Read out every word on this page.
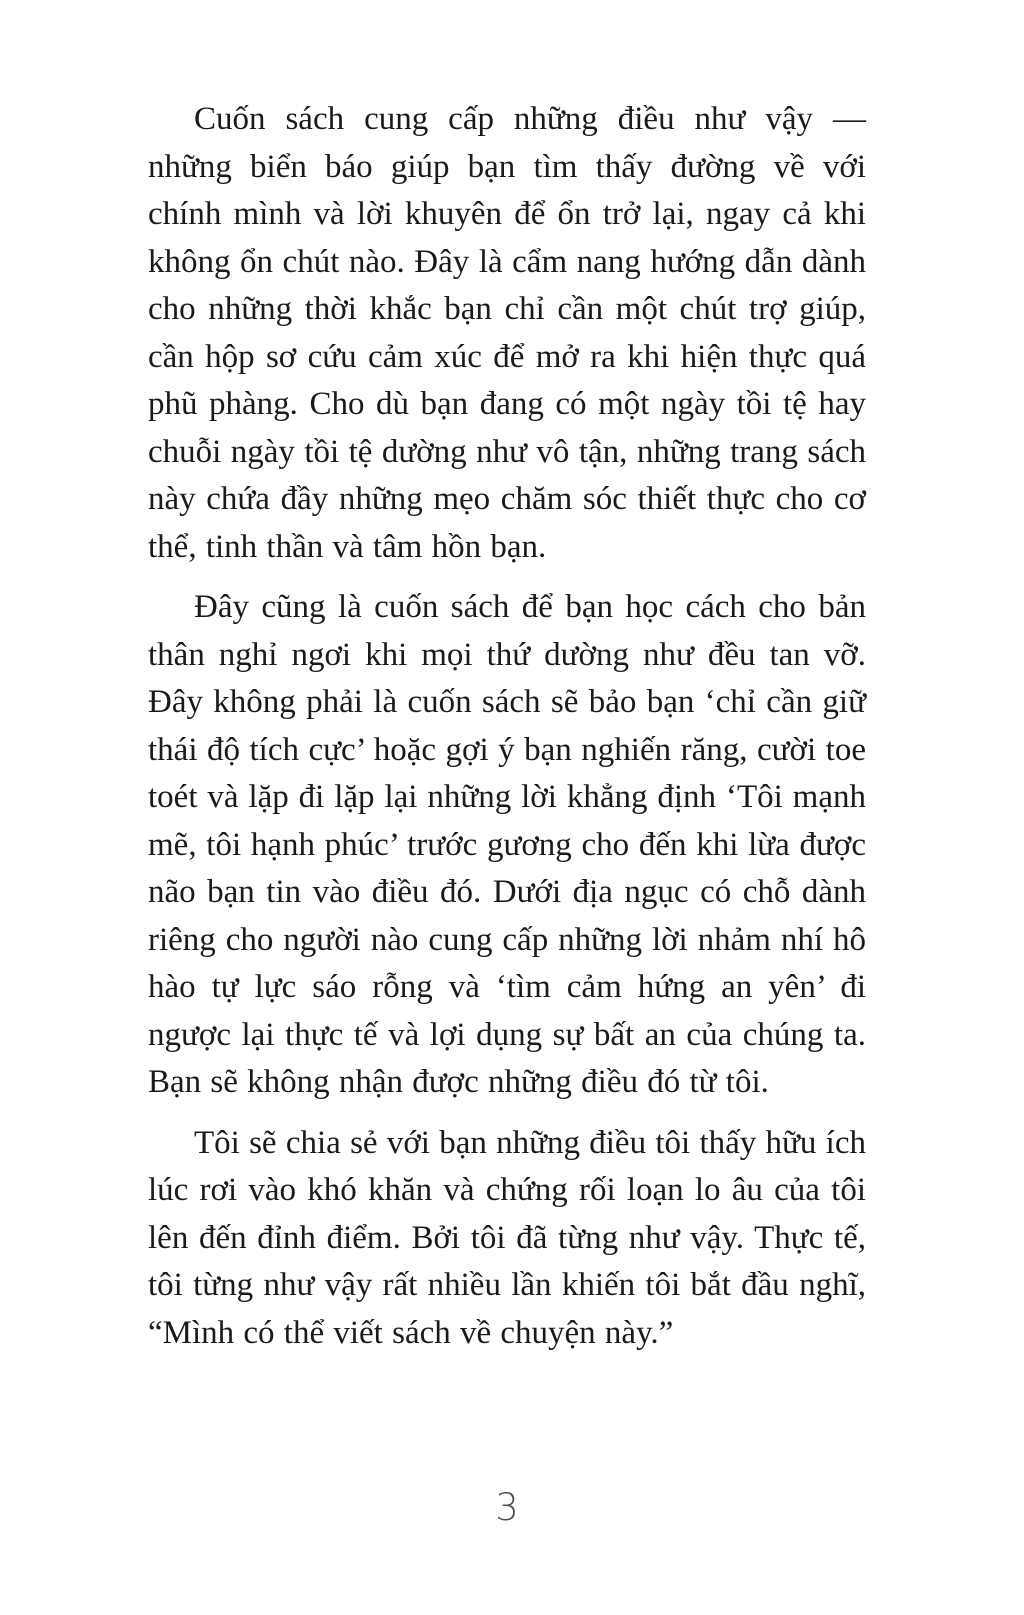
Cuốn sách cung cấp những điều như vậy — những biển báo giúp bạn tìm thấy đường về với chính mình và lời khuyên để ổn trở lại, ngay cả khi không ổn chút nào. Đây là cẩm nang hướng dẫn dành cho những thời khắc bạn chỉ cần một chút trợ giúp, cần hộp sơ cứu cảm xúc để mở ra khi hiện thực quá phũ phàng. Cho dù bạn đang có một ngày tồi tệ hay chuỗi ngày tồi tệ dường như vô tận, những trang sách này chứa đầy những mẹo chăm sóc thiết thực cho cơ thể, tinh thần và tâm hồn bạn.

Đây cũng là cuốn sách để bạn học cách cho bản thân nghỉ ngơi khi mọi thứ dường như đều tan vỡ. Đây không phải là cuốn sách sẽ bảo bạn ‘chỉ cần giữ thái độ tích cực’ hoặc gợi ý bạn nghiến răng, cười toe toét và lặp đi lặp lại những lời khẳng định ‘Tôi mạnh mẽ, tôi hạnh phúc’ trước gương cho đến khi lừa được não bạn tin vào điều đó. Dưới địa ngục có chỗ dành riêng cho người nào cung cấp những lời nhảm nhí hô hào tự lực sáo rỗng và ‘tìm cảm hứng an yên’ đi ngược lại thực tế và lợi dụng sự bất an của chúng ta. Bạn sẽ không nhận được những điều đó từ tôi.

Tôi sẽ chia sẻ với bạn những điều tôi thấy hữu ích lúc rơi vào khó khăn và chứng rối loạn lo âu của tôi lên đến đỉnh điểm. Bởi tôi đã từng như vậy. Thực tế, tôi từng như vậy rất nhiều lần khiến tôi bắt đầu nghĩ, “Mình có thể viết sách về chuyện này.”

3
